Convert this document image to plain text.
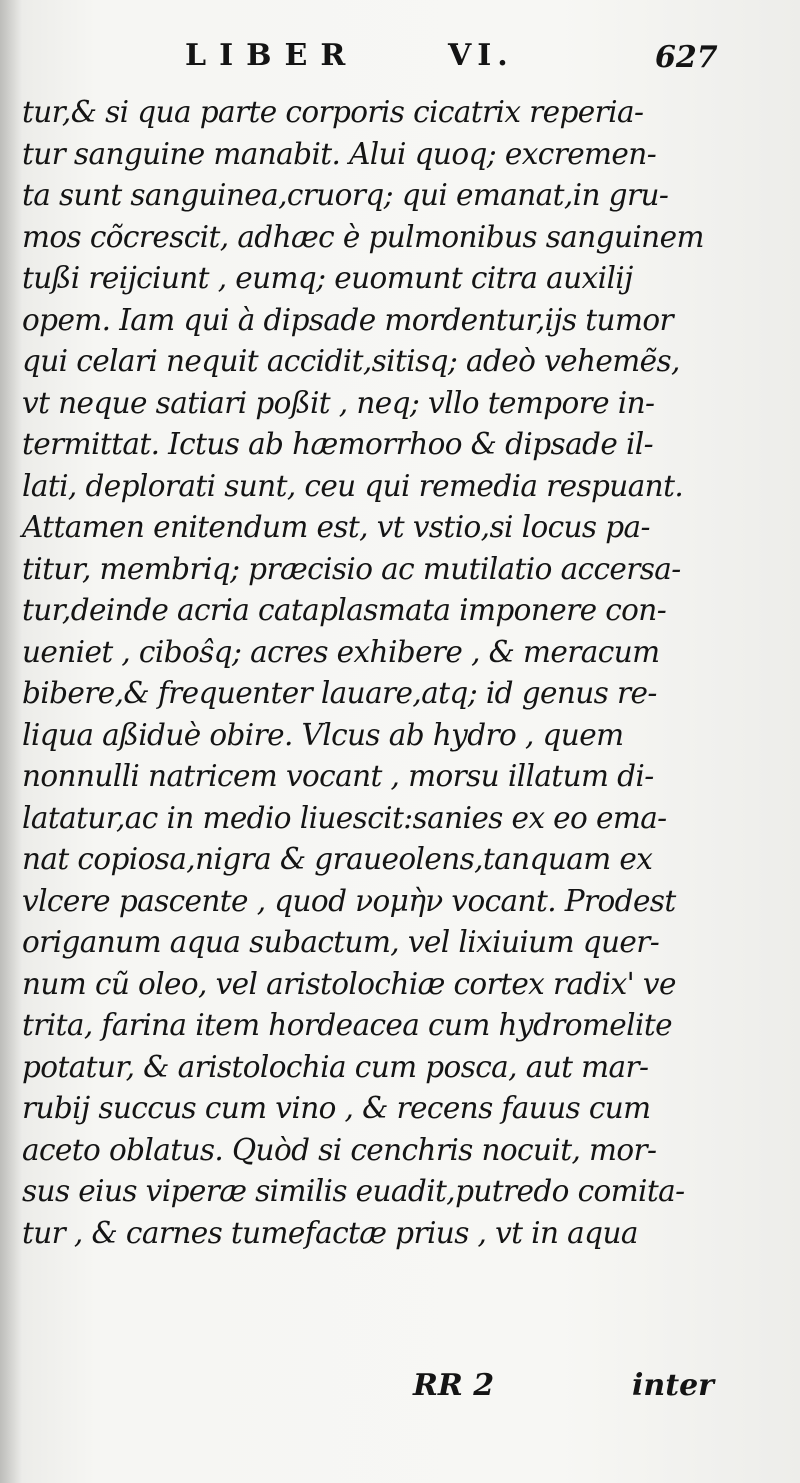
LIBER	VI.	627
tur,& si qua parte corporis cicatrix reperia-
tur sanguine manabit. Alui quoq; excremen-
ta sunt sanguinea,cruorq; qui emanat,in gru-
mos cõcrescit, adhæc è pulmonibus sanguinem
tußi reijciunt , eumq; euomunt citra auxilij
opem. Iam qui à dipsade mordentur,ijs tumor
qui celari nequit accidit,sitisq; adeò vehemẽs,
vt neque satiari poßit , neq; vllo tempore in-
termittat. Ictus ab hæmorrhoo & dipsade il-
lati, deplorati sunt, ceu qui remedia respuant.
Attamen enitendum est, vt vstio,si locus pa-
titur, membriq; præcisio ac mutilatio accersa-
tur,deinde acria cataplasmata imponere con-
ueniet , ciboŝq; acres exhibere , & meracum
bibere,& frequenter lauare,atq; id genus re-
liqua aßiduè obire. Vlcus ab hydro , quem
nonnulli natricem vocant , morsu illatum di-
latatur,ac in medio liuescit:sanies ex eo ema-
nat copiosa,nigra & graueolens,tanquam ex
vlcere pascente , quod νομὴν vocant. Prodest
origanum aqua subactum, vel lixiuium quer-
num cũ oleo, vel aristolochiæ cortex radix' ve
trita, farina item hordeacea cum hydromelite
potatur, & aristolochia cum posca, aut mar-
rubij succus cum vino , & recens fauus cum
aceto oblatus. Quòd si cenchris nocuit, mor-
sus eius viperæ similis euadit,putredo comita-
tur , & carnes tumefactæ prius , vt in aqua
RR 2	inter
